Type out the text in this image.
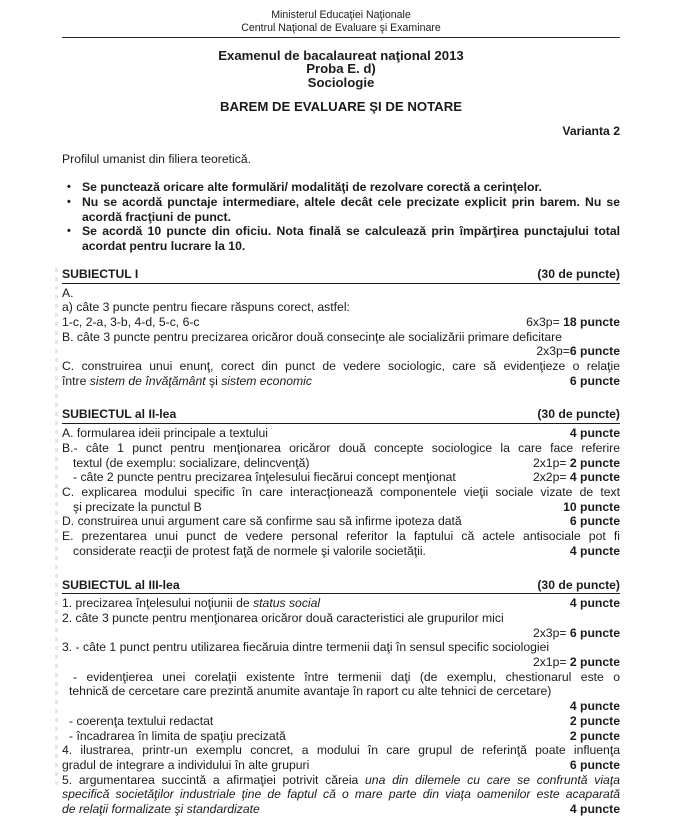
Ministerul Educaţiei Naţionale
Centrul Naţional de Evaluare şi Examinare
Examenul de bacalaureat naţional 2013
Proba E. d)
Sociologie
BAREM DE EVALUARE ŞI DE NOTARE
Varianta 2
Profilul umanist din filiera teoretică.
• Se punctează oricare alte formulări/ modalităţi de rezolvare corectă a cerinţelor.
• Nu se acordă punctaje intermediare, altele decât cele precizate explicit prin barem. Nu se acordă fracţiuni de punct.
• Se acordă 10 puncte din oficiu. Nota finală se calculează prin împărţirea punctajului total acordat pentru lucrare la 10.
SUBIECTUL I	(30 de puncte)
A.
a) câte 3 puncte pentru fiecare răspuns corect, astfel:
1-c, 2-a, 3-b, 4-d, 5-c, 6-c	6x3p= 18 puncte
B. câte 3 puncte pentru precizarea oricăror două consecinţe ale socializării primare deficitare
2x3p=6 puncte
C. construirea unui enunţ, corect din punct de vedere sociologic, care să evidenţieze o relaţie
între sistem de învăţământ şi sistem economic	6 puncte
SUBIECTUL al II-lea	(30 de puncte)
A. formularea ideii principale a textului	4 puncte
B.- câte 1 punct pentru menţionarea oricăror două concepte sociologice la care face referire
textul (de exemplu: socializare, delincvenţă)	2x1p= 2 puncte
- câte 2 puncte pentru precizarea înţelesului fiecărui concept menţionat	2x2p= 4 puncte
C. explicarea modului specific în care interacţionează componentele vieţii sociale vizate de text
şi precizate la punctul B	10 puncte
D. construirea unui argument care să confirme sau să infirme ipoteza dată	6 puncte
E. prezentarea unui punct de vedere personal referitor la faptului că actele antisociale pot fi
considerate reacţii de protest faţă de normele şi valorile societăţii.	4 puncte
SUBIECTUL al III-lea	(30 de puncte)
1. precizarea înţelesului noţiunii de status social	4 puncte
2. câte 3 puncte pentru menţionarea oricăror două caracteristici ale grupurilor mici
2x3p= 6 puncte
3. - câte 1 punct pentru utilizarea fiecăruia dintre termenii daţi în sensul specific sociologiei
2x1p= 2 puncte
- evidenţierea unei corelaţii existente între termenii daţi (de exemplu, chestionarul este o
tehnică de cercetare care prezintă anumite avantaje în raport cu alte tehnici de cercetare)
4 puncte
- coerenţa textului redactat	2 puncte
- încadrarea în limita de spaţiu precizată	2 puncte
4. ilustrarea, printr-un exemplu concret, a modului în care grupul de referinţă poate influenţa
gradul de integrare a individului în alte grupuri	6 puncte
5. argumentarea succintă a afirmaţiei potrivit căreia una din dilemele cu care se confruntă viaţa
specifică societăţilor industriale ţine de faptul că o mare parte din viaţa oamenilor este acaparată
de relaţii formalizate şi standardizate	4 puncte
